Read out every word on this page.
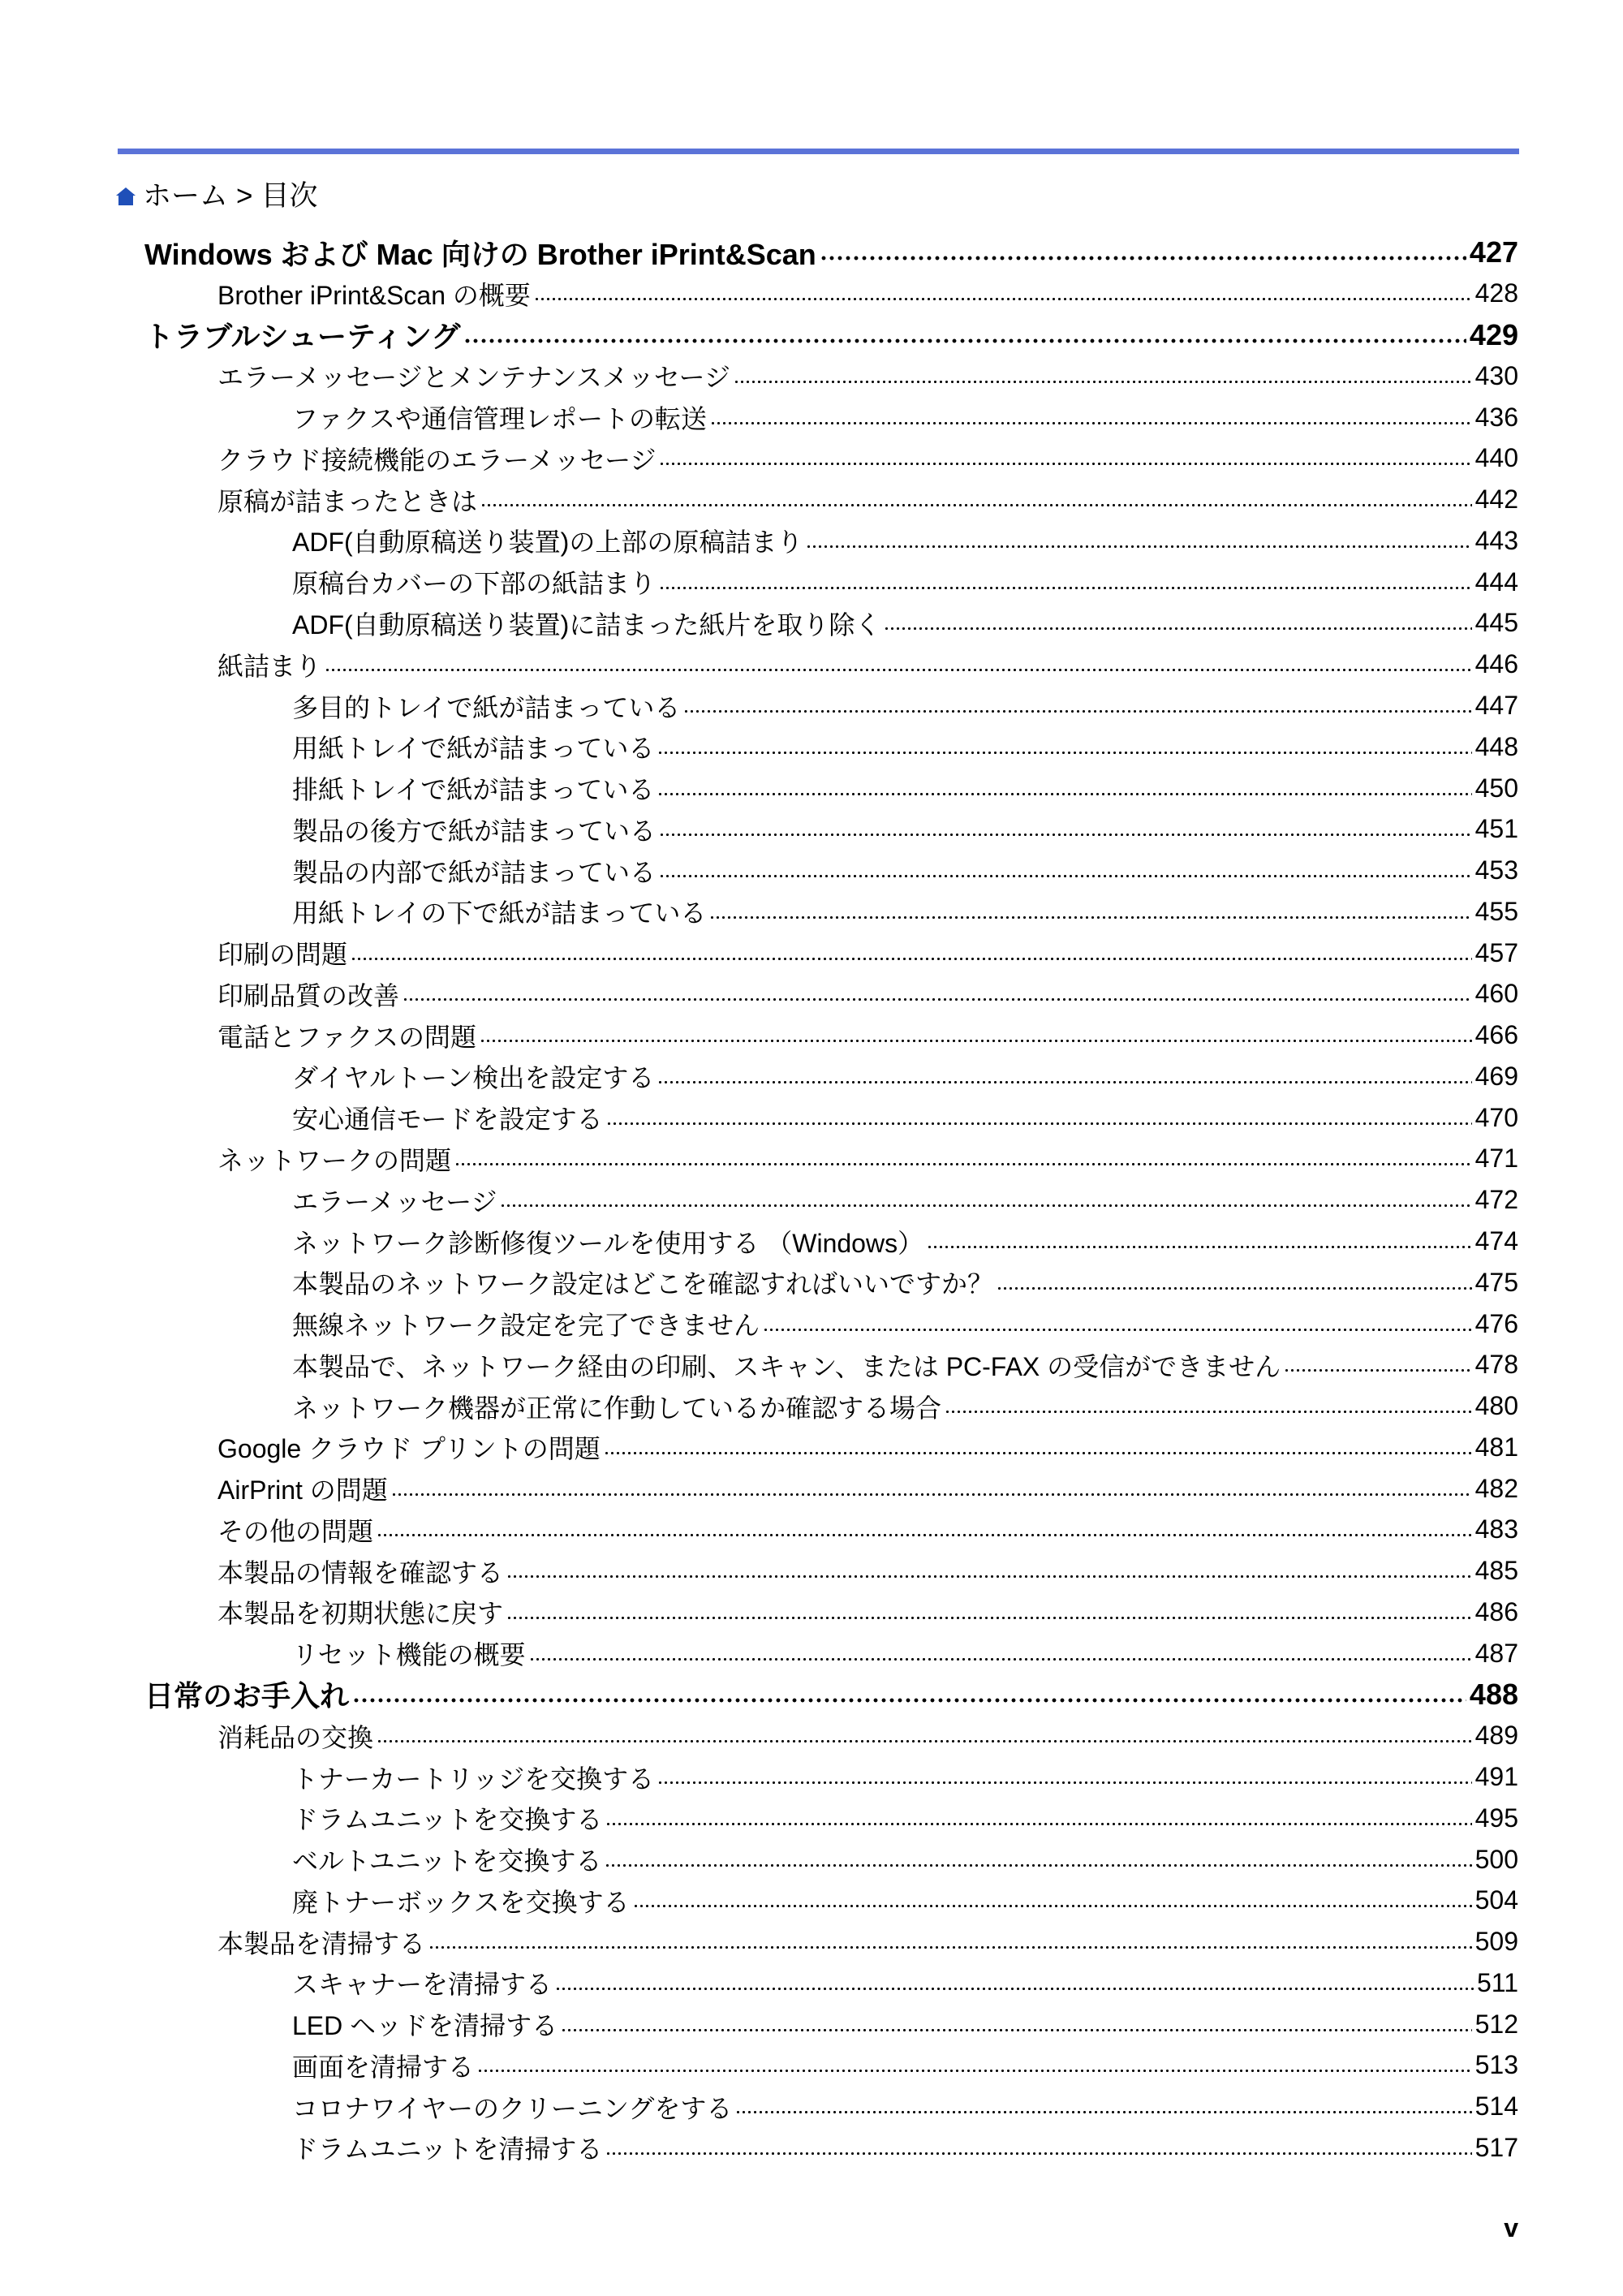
ホーム > 目次
Windows および Mac 向けの Brother iPrint&Scan	427
Brother iPrint&Scan の概要	428
トラブルシューティング	429
エラーメッセージとメンテナンスメッセージ	430
ファクスや通信管理レポートの転送	436
クラウド接続機能のエラーメッセージ	440
原稿が詰まったときは	442
ADF(自動原稿送り装置)の上部の原稿詰まり	443
原稿台カバーの下部の紙詰まり	444
ADF(自動原稿送り装置)に詰まった紙片を取り除く	445
紙詰まり	446
多目的トレイで紙が詰まっている	447
用紙トレイで紙が詰まっている	448
排紙トレイで紙が詰まっている	450
製品の後方で紙が詰まっている	451
製品の内部で紙が詰まっている	453
用紙トレイの下で紙が詰まっている	455
印刷の問題	457
印刷品質の改善	460
電話とファクスの問題	466
ダイヤルトーン検出を設定する	469
安心通信モードを設定する	470
ネットワークの問題	471
エラーメッセージ	472
ネットワーク診断修復ツールを使用する （Windows）	474
本製品のネットワーク設定はどこを確認すればいいですか？	475
無線ネットワーク設定を完了できません	476
本製品で、ネットワーク経由の印刷、スキャン、または PC-FAX の受信ができません	478
ネットワーク機器が正常に作動しているか確認する場合	480
Google クラウド プリントの問題	481
AirPrint の問題	482
その他の問題	483
本製品の情報を確認する	485
本製品を初期状態に戻す	486
リセット機能の概要	487
日常のお手入れ	488
消耗品の交換	489
トナーカートリッジを交換する	491
ドラムユニットを交換する	495
ベルトユニットを交換する	500
廃トナーボックスを交換する	504
本製品を清掃する	509
スキャナーを清掃する	511
LED ヘッドを清掃する	512
画面を清掃する	513
コロナワイヤーのクリーニングをする	514
ドラムユニットを清掃する	517
v
